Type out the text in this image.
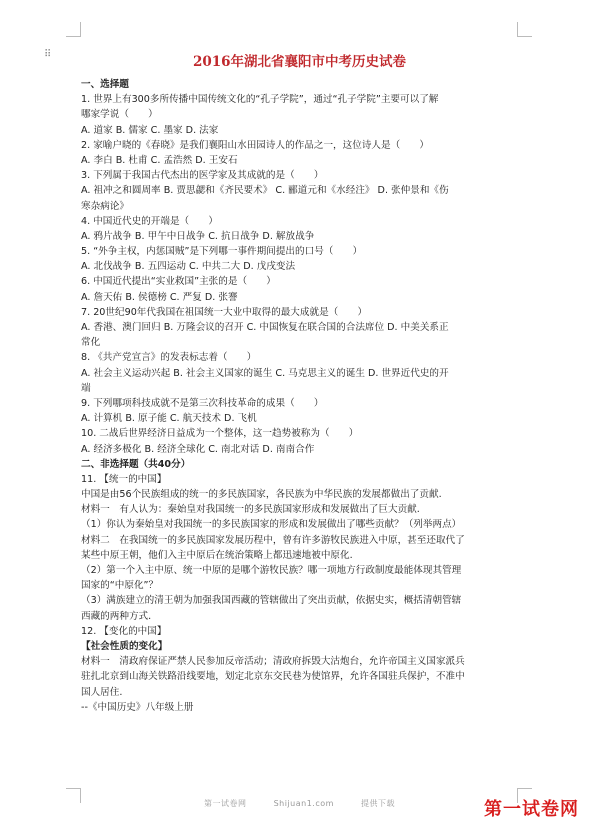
⠿	2016年湖北省襄阳市中考历史试卷
一、选择题
1. 世界上有300多所传播中国传统文化的“孔子学院”，通过“孔子学院”主要可以了解
哪家学说（　　）
A. 道家 B. 儒家 C. 墨家 D. 法家
2. 家喻户晓的《春晓》是我们襄阳山水田园诗人的作品之一，这位诗人是（　　）
A. 李白 B. 杜甫 C. 孟浩然 D. 王安石
3. 下列属于我国古代杰出的医学家及其成就的是（　　）
A. 祖冲之和圆周率 B. 贾思勰和《齐民要术》 C. 郦道元和《水经注》 D. 张仲景和《伤
寒杂病论》
4. 中国近代史的开端是（　　）
A. 鸦片战争 B. 甲午中日战争 C. 抗日战争 D. 解放战争
5. “外争主权，内惩国贼”是下列哪一事件期间提出的口号（　　）
A. 北伐战争 B. 五四运动 C. 中共二大 D. 戊戌变法
6. 中国近代提出“实业救国”主张的是（　　）
A. 詹天佑 B. 侯德榜 C. 严复 D. 张謇
7. 20世纪90年代我国在祖国统一大业中取得的最大成就是（　　）
A. 香港、澳门回归 B. 万隆会议的召开 C. 中国恢复在联合国的合法席位 D. 中美关系正
常化
8. 《共产党宣言》的发表标志着（　　）
A. 社会主义运动兴起 B. 社会主义国家的诞生 C. 马克思主义的诞生 D. 世界近代史的开
端
9. 下列哪项科技成就不是第三次科技革命的成果（　　）
A. 计算机 B. 原子能 C. 航天技术 D. 飞机
10. 二战后世界经济日益成为一个整体，这一趋势被称为（　　）
A. 经济多极化 B. 经济全球化 C. 南北对话 D. 南南合作
二、非选择题（共40分）
11. 【统一的中国】
中国是由56个民族组成的统一的多民族国家，各民族为中华民族的发展都做出了贡献.
材料一　有人认为：秦始皇对我国统一的多民族国家形成和发展做出了巨大贡献.
（1）你认为秦始皇对我国统一的多民族国家的形成和发展做出了哪些贡献？（列举两点）
材料二　在我国统一的多民族国家发展历程中，曾有许多游牧民族进入中原，甚至还取代了
某些中原王朝，他们入主中原后在统治策略上都迅速地被中原化.
（2）第一个入主中原、统一中原的是哪个游牧民族？哪一项地方行政制度最能体现其管理
国家的“中原化”？
（3）满族建立的清王朝为加强我国西藏的管辖做出了突出贡献，依据史实，概括清朝管辖
西藏的两种方式.
12. 【变化的中国】
【社会性质的变化】
材料一　清政府保证严禁人民参加反帝活动；清政府拆毁大沽炮台，允许帝国主义国家派兵
驻扎北京到山海关铁路沿线要地，划定北京东交民巷为使馆界，允许各国驻兵保护，不准中
国人居住.
--《中国历史》八年级上册
第一试卷网	Shijuan1.com	提供下载	第一试卷网
